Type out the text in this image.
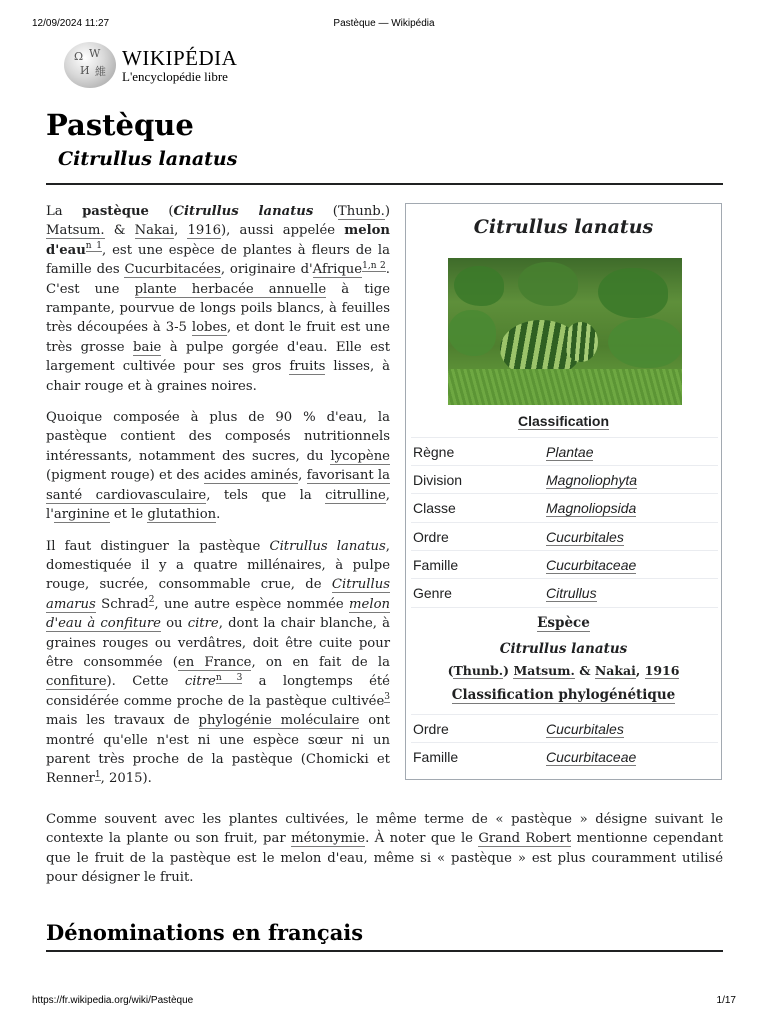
12/09/2024 11:27	Pastèque — Wikipédia
Ω W
И 維
WIKIPÉDIA
L'encyclopédie libre
Pastèque
Citrullus lanatus

La pastèque (Citrullus lanatus (Thunb.) Matsum. & Nakai, 1916), aussi appelée melon d'eau$^{n 1}$, est une espèce de plantes à fleurs de la famille des Cucurbitacées, originaire d'Afrique$^{1,n 2}$. C'est une plante herbacée annuelle à tige rampante, pourvue de longs poils blancs, à feuilles très découpées à 3-5 lobes, et dont le fruit est une très grosse baie à pulpe gorgée d'eau. Elle est largement cultivée pour ses gros fruits lisses, à chair rouge et à graines noires.

Quoique composée à plus de 90 % d'eau, la pastèque contient des composés nutritionnels intéressants, notamment des sucres, du lycopène (pigment rouge) et des acides aminés, favorisant la santé cardiovasculaire, tels que la citrulline, l'arginine et le glutathion.

Il faut distinguer la pastèque Citrullus lanatus, domestiquée il y a quatre millénaires, à pulpe rouge, sucrée, consommable crue, de Citrullus amarus Schrad$^2$, une autre espèce nommée melon d'eau à confiture ou citre, dont la chair blanche, à graines rouges ou verdâtres, doit être cuite pour être consommée (en France, on en fait de la confiture). Cette citre$^{n 3}$ a longtemps été considérée comme proche de la pastèque cultivée$^3$ mais les travaux de phylogénie moléculaire ont montré qu'elle n'est ni une espèce sœur ni un parent très proche de la pastèque (Chomicki et Renner$^1$, 2015).

Citrullus lanatus
Classification
Règne	Plantae
Division	Magnoliophyta
Classe	Magnoliopsida
Ordre	Cucurbitales
Famille	Cucurbitaceae
Genre	Citrullus
Espèce
Citrullus lanatus
(Thunb.) Matsum. & Nakai, 1916
Classification phylogénétique
Ordre	Cucurbitales
Famille	Cucurbitaceae

Comme souvent avec les plantes cultivées, le même terme de « pastèque » désigne suivant le contexte la plante ou son fruit, par métonymie. À noter que le Grand Robert mentionne cependant que le fruit de la pastèque est le melon d'eau, même si « pastèque » est plus couramment utilisé pour désigner le fruit.

Dénominations en français
https://fr.wikipedia.org/wiki/Pastèque	1/17
